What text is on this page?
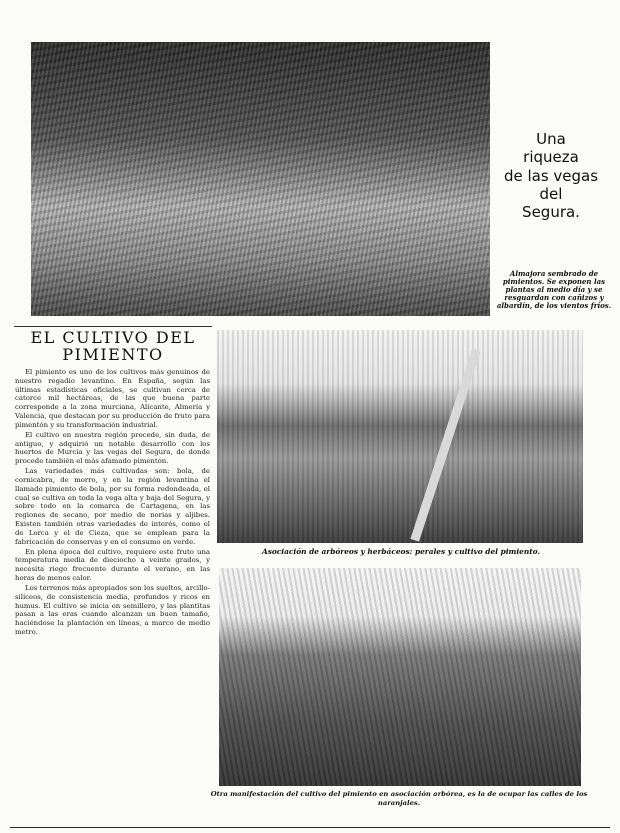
Una
riqueza
de las vegas
del
Segura.
Almajora sembrado de pimientos. Se exponen las plantas al medio día y se resguardan con cañizos y albardín, de los vientos fríos.
EL CULTIVO DEL
PIMIENTO

El pimiento es uno de los cultivos más genuinos de nuestro regadío levantino. En España, según las últimas estadísticas oficiales, se cultivan cerca de catorce mil hectáreas, de las que buena parte corresponde a la zona murciana, Alicante, Almería y Valencia, que destacan por su producción de fruto para pimentón y su transformación industrial.

El cultivo en nuestra región procede, sin duda, de antiguo, y adquirió un notable desarrollo con los huertos de Murcia y las vegas del Segura, de donde procede también el más afamado pimentón.

Las variedades más cultivadas son: bola, de cornicabra, de morro, y en la región levantina el llamado pimiento de bola, por su forma redondeada, el cual se cultiva en toda la vega alta y baja del Segura, y sobre todo en la comarca de Cartagena, en las regiones de secano, por medio de norias y aljibes. Existen también otras variedades de interés, como el de Lorca y el de Cieza, que se emplean para la fabricación de conservas y en el consumo en verde.

En plena época del cultivo, requiere este fruto una temperatura media de dieciocho a veinte grados, y necesita riego frecuente durante el verano, en las horas de menos calor.

Los terrenos más apropiados son los sueltos, arcillo-silíceos, de consistencia media, profundos y ricos en humus. El cultivo se inicia en semillero, y las plantitas pasan a las eras cuando alcanzan un buen tamaño, haciéndose la plantación en líneas, a marco de medio metro.

Asociación de arbóreos y herbáceos: perales y cultivo del pimiento.
Otra manifestación del cultivo del pimiento en asociación arbórea, es la de ocupar las calles de los naranjales.
